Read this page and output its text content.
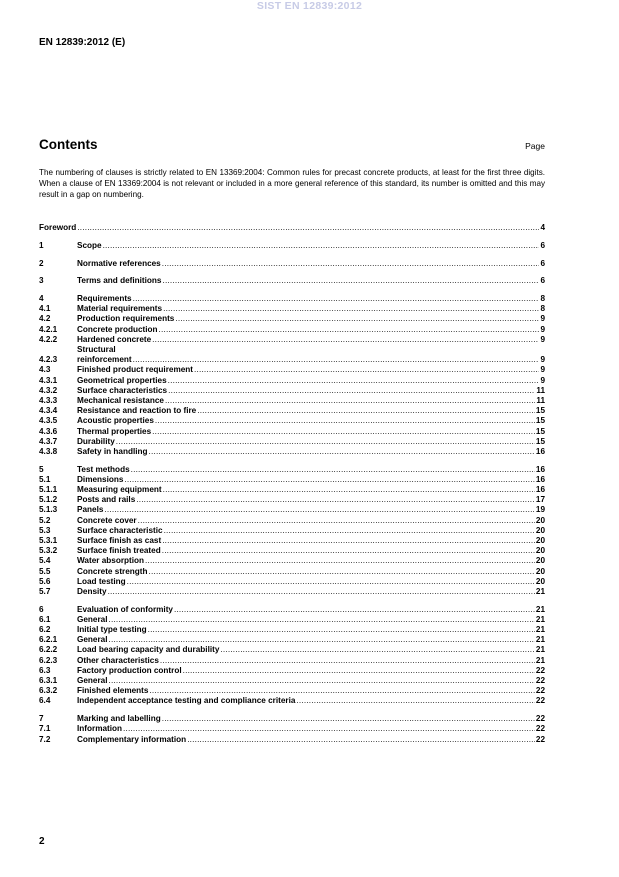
SIST EN 12839:2012
EN 12839:2012 (E)
Contents	Page
The numbering of clauses is strictly related to EN 13369:2004: Common rules for precast concrete products, at least for the first three digits. When a clause of EN 13369:2004 is not relevant or included in a more general reference of this standard, its number is omitted and this may result in a gap on numbering.
Foreword .....	4
1	Scope .....	6
2	Normative references .....	6
3	Terms and definitions .....	6
4	Requirements .....	8
4.1	Material requirements .....	8
4.2	Production requirements .....	9
4.2.1	Concrete production .....	9
4.2.2	Hardened concrete .....	9
Structural
4.2.3	reinforcement .....	9
4.3	Finished product requirement .....	9
4.3.1	Geometrical properties .....	9
4.3.2	Surface characteristics .....	11
4.3.3	Mechanical resistance .....	11
4.3.4	Resistance and reaction to fire .....	15
4.3.5	Acoustic properties .....	15
4.3.6	Thermal properties .....	15
4.3.7	Durability .....	15
4.3.8	Safety in handling .....	16
5	Test methods .....	16
5.1	Dimensions .....	16
5.1.1	Measuring equipment .....	16
5.1.2	Posts and rails .....	17
5.1.3	Panels .....	19
5.2	Concrete cover .....	20
5.3	Surface characteristic .....	20
5.3.1	Surface finish as cast .....	20
5.3.2	Surface finish treated .....	20
5.4	Water absorption .....	20
5.5	Concrete strength .....	20
5.6	Load testing .....	20
5.7	Density .....	21
6	Evaluation of conformity .....	21
6.1	General .....	21
6.2	Initial type testing .....	21
6.2.1	General .....	21
6.2.2	Load bearing capacity and durability .....	21
6.2.3	Other characteristics .....	21
6.3	Factory production control .....	22
6.3.1	General .....	22
6.3.2	Finished elements .....	22
6.4	Independent acceptance testing and compliance criteria .....	22
7	Marking and labelling .....	22
7.1	Information .....	22
7.2	Complementary information .....	22
2
